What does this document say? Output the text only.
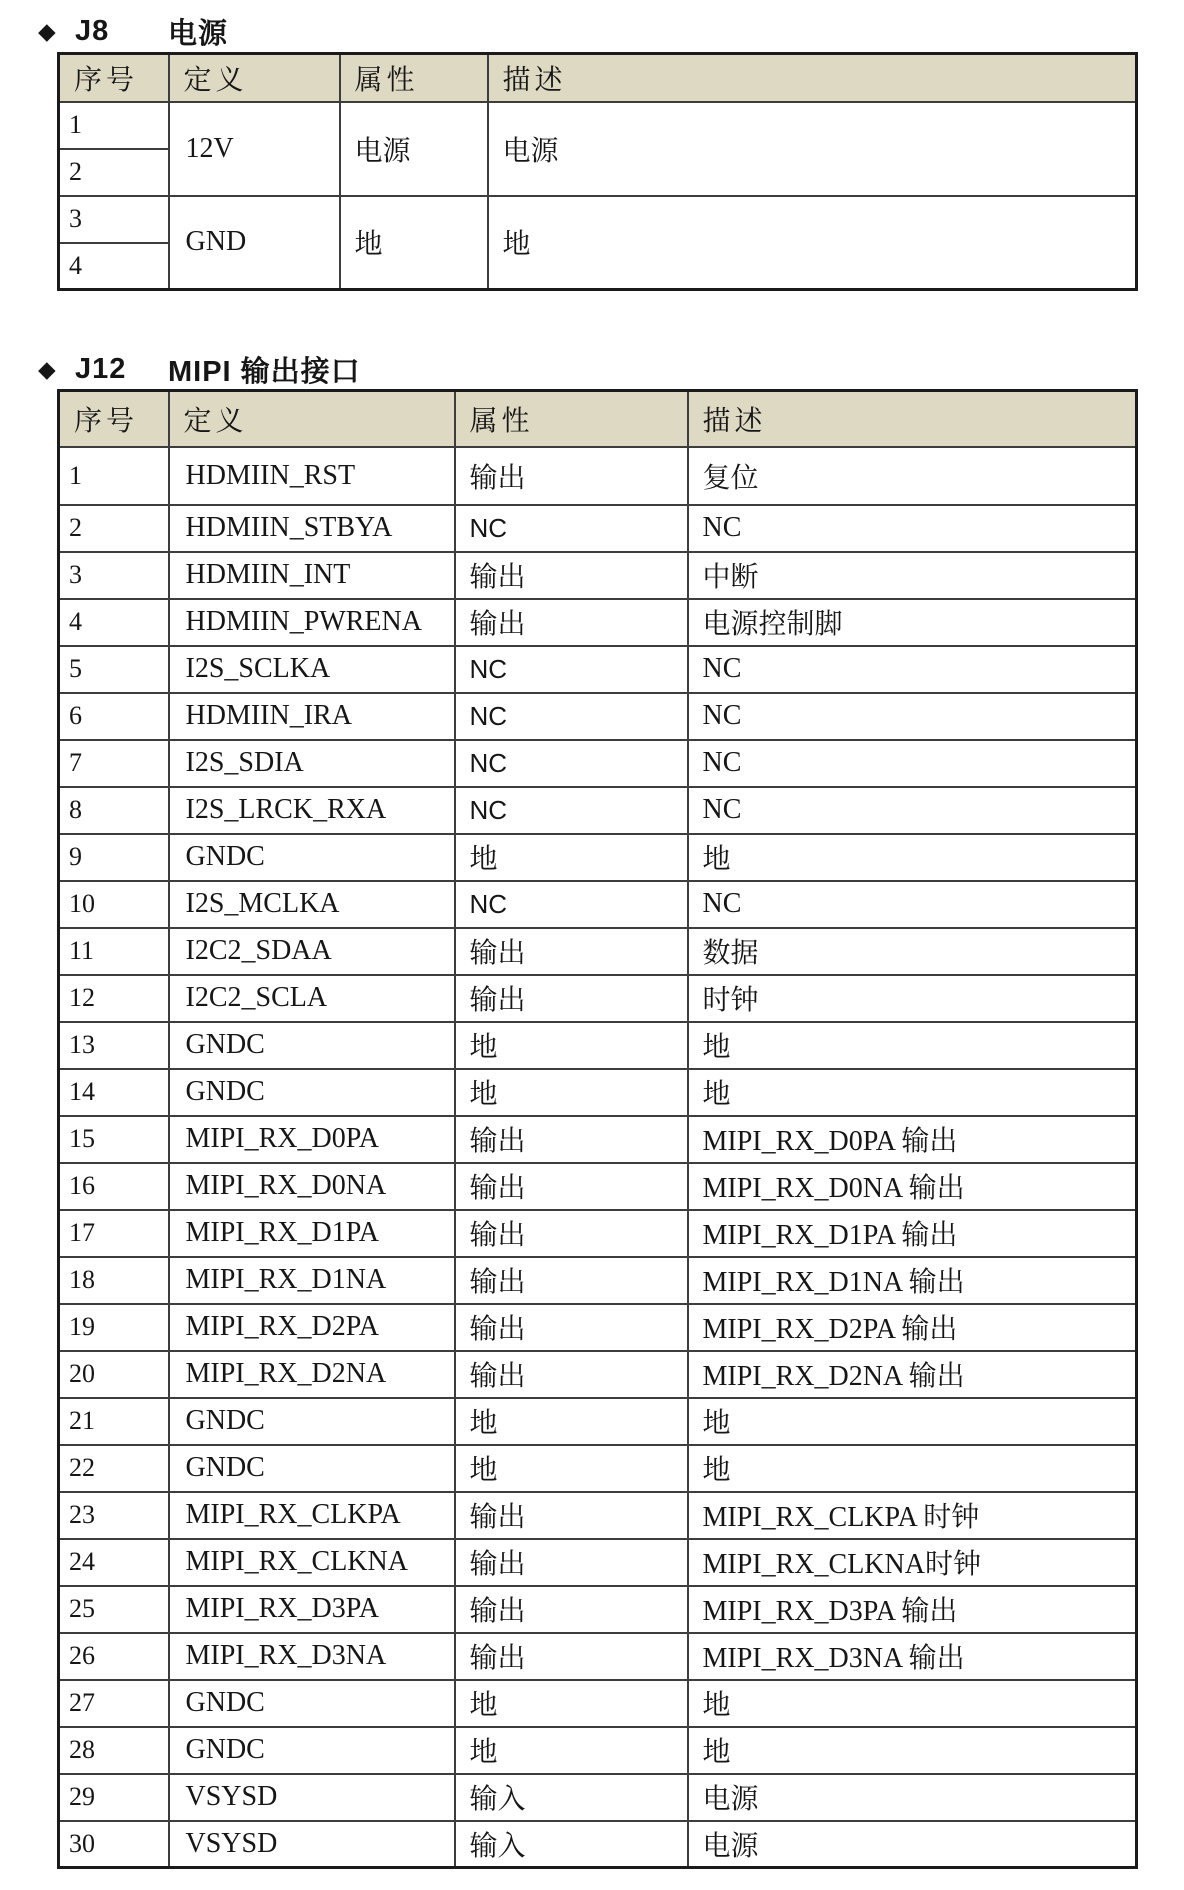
◆ J8	电源
序号	定义	属性	描述
1	12V	电源	电源
2			
3	GND	地	地
4			
◆ J12	MIPI 输出接口
序号	定义	属性	描述
1	HDMIIN_RST	输出	复位
2	HDMIIN_STBYA	NC	NC
3	HDMIIN_INT	输出	中断
4	HDMIIN_PWRENA	输出	电源控制脚
5	I2S_SCLKA	NC	NC
6	HDMIIN_IRA	NC	NC
7	I2S_SDIA	NC	NC
8	I2S_LRCK_RXA	NC	NC
9	GNDC	地	地
10	I2S_MCLKA	NC	NC
11	I2C2_SDAA	输出	数据
12	I2C2_SCLA	输出	时钟
13	GNDC	地	地
14	GNDC	地	地
15	MIPI_RX_D0PA	输出	MIPI_RX_D0PA 输出
16	MIPI_RX_D0NA	输出	MIPI_RX_D0NA 输出
17	MIPI_RX_D1PA	输出	MIPI_RX_D1PA 输出
18	MIPI_RX_D1NA	输出	MIPI_RX_D1NA 输出
19	MIPI_RX_D2PA	输出	MIPI_RX_D2PA 输出
20	MIPI_RX_D2NA	输出	MIPI_RX_D2NA 输出
21	GNDC	地	地
22	GNDC	地	地
23	MIPI_RX_CLKPA	输出	MIPI_RX_CLKPA 时钟
24	MIPI_RX_CLKNA	输出	MIPI_RX_CLKNA时钟
25	MIPI_RX_D3PA	输出	MIPI_RX_D3PA 输出
26	MIPI_RX_D3NA	输出	MIPI_RX_D3NA 输出
27	GNDC	地	地
28	GNDC	地	地
29	VSYSD	输入	电源
30	VSYSD	输入	电源
